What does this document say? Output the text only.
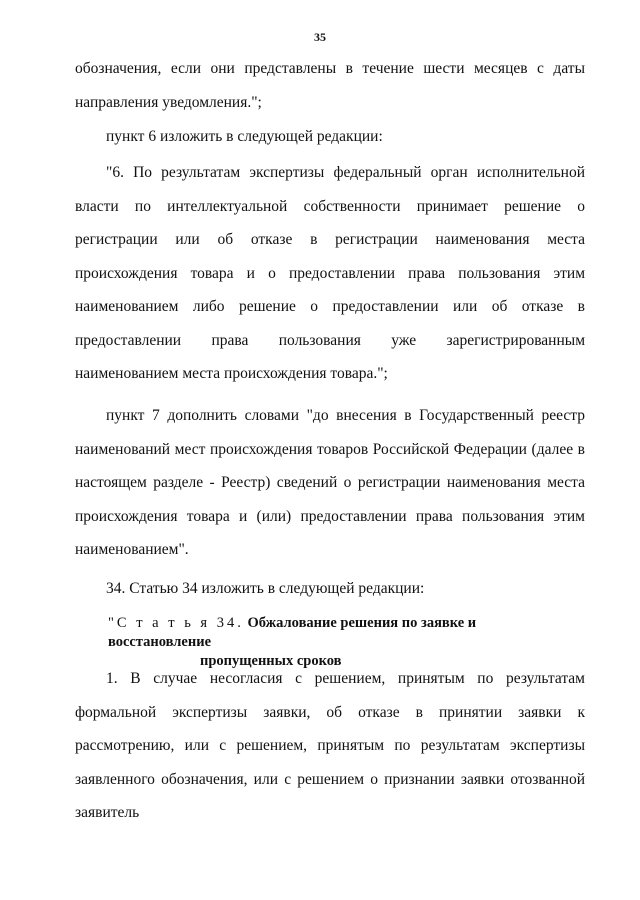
35
обозначения, если они представлены в течение шести месяцев с даты направления уведомления.";
пункт 6 изложить в следующей редакции:
"6. По результатам экспертизы федеральный орган исполнительной власти по интеллектуальной собственности принимает решение о регистрации или об отказе в регистрации наименования места происхождения товара и о предоставлении права пользования этим наименованием либо решение о предоставлении или об отказе в предоставлении права пользования уже зарегистрированным наименованием места происхождения товара.";
пункт 7 дополнить словами "до внесения в Государственный реестр наименований мест происхождения товаров Российской Федерации (далее в настоящем разделе - Реестр) сведений о регистрации наименования места происхождения товара и (или) предоставлении права пользования этим наименованием".
34. Статью 34 изложить в следующей редакции:
"С т а т ь я 34. Обжалование решения по заявке и восстановление
пропущенных сроков
1. В случае несогласия с решением, принятым по результатам формальной экспертизы заявки, об отказе в принятии заявки к рассмотрению, или с решением, принятым по результатам экспертизы заявленного обозначения, или с решением о признании заявки отозванной заявитель
